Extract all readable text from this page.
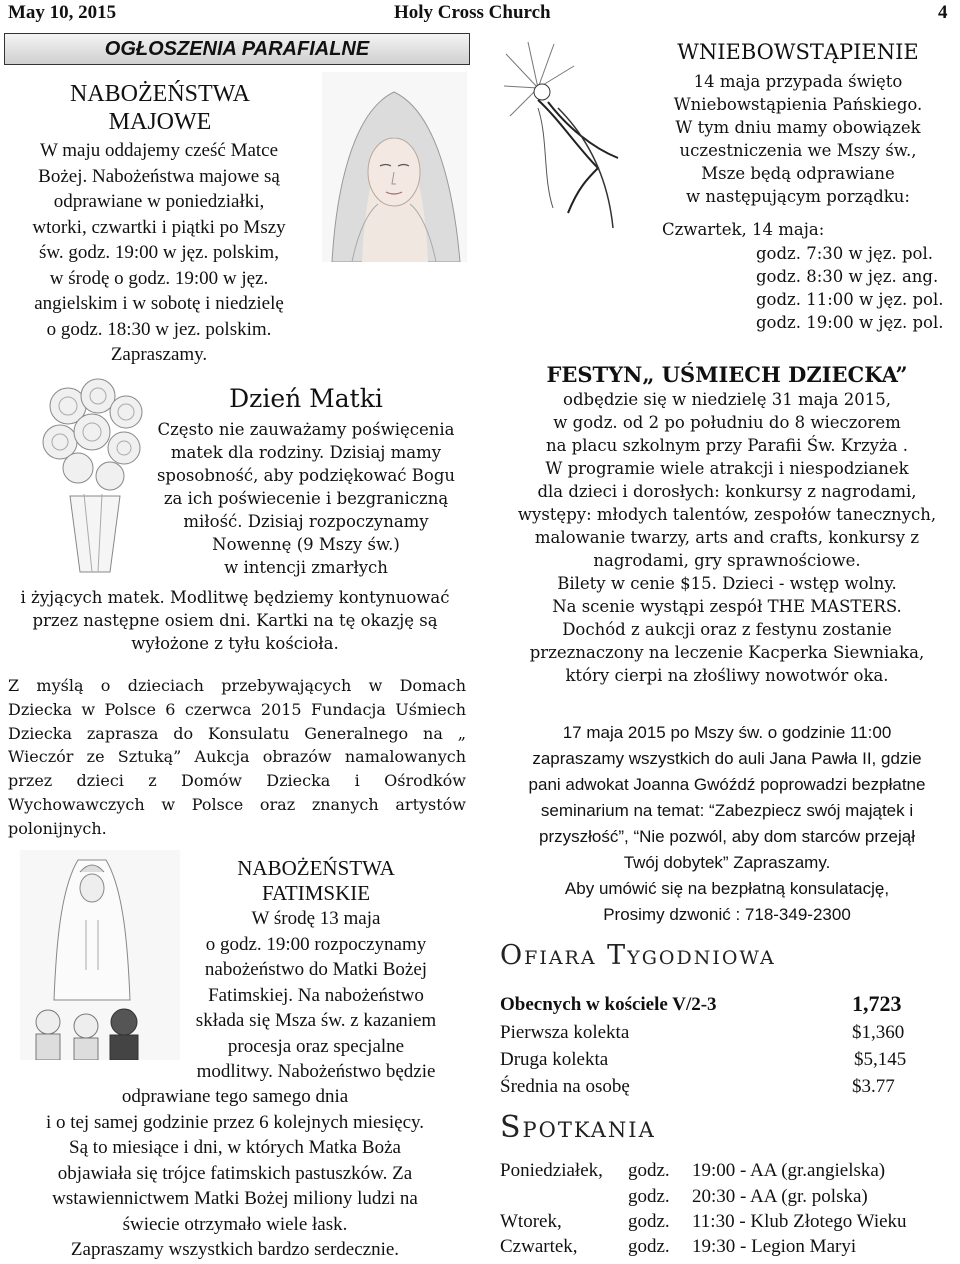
May 10, 2015	Holy Cross Church	4
OGŁOSZENIA PARAFIALNE
NABOŻEŃSTWA
MAJOWE
W maju oddajemy cześć Matce
Bożej. Nabożeństwa majowe są
odprawiane w poniedziałki,
wtorki, czwartki i piątki po Mszy
św. godz. 19:00 w jęz. polskim,
w środę o godz. 19:00 w jęz.
angielskim i w sobotę i niedzielę
o godz. 18:30 w jez. polskim.
Zapraszamy.
Dzień Matki
Często nie zauważamy poświęcenia
matek dla rodziny. Dzisiaj mamy
sposobność, aby podziękować Bogu
za ich poświecenie i bezgraniczną
miłość. Dzisiaj rozpoczynamy
Nowennę (9 Mszy św.)
w intencji zmarłych
i żyjących matek. Modlitwę będziemy kontynuować
przez następne osiem dni. Kartki na tę okazję są
wyłożone z tyłu kościoła.
Z myślą o dzieciach przebywających w Domach
Dziecka w Polsce 6 czerwca 2015 Fundacja Uśmiech
Dziecka zaprasza do Konsulatu Generalnego na „
Wieczór ze Sztuką” Aukcja obrazów namalowanych
przez dzieci z Domów Dziecka i Ośrodków
Wychowawczych w Polsce oraz znanych artystów
polonijnych.
NABOŻEŃSTWA
FATIMSKIE
W środę 13 maja
o godz. 19:00 rozpoczynamy
nabożeństwo do Matki Bożej
Fatimskiej. Na nabożeństwo
składa się Msza św. z kazaniem
procesja oraz specjalne
modlitwy. Nabożeństwo będzie
odprawiane tego samego dnia
i o tej samej godzinie przez 6 kolejnych miesięcy.
Są to miesiące i dni, w których Matka Boża
objawiała się trójce fatimskich pastuszków. Za
wstawiennictwem Matki Bożej miliony ludzi na
świecie otrzymało wiele łask.
Zapraszamy wszystkich bardzo serdecznie.
WNIEBOWSTĄPIENIE
14 maja przypada święto
Wniebowstąpienia Pańskiego.
W tym dniu mamy obowiązek
uczestniczenia we Mszy św.,
Msze będą odprawiane
w następującym porządku:
Czwartek, 14 maja:
godz. 7:30 w jęz. pol.
godz. 8:30 w jęz. ang.
godz. 11:00 w jęz. pol.
godz. 19:00 w jęz. pol.
FESTYN„ UŚMIECH DZIECKA”
odbędzie się w niedzielę 31 maja 2015,
w godz. od 2 po południu do 8 wieczorem
na placu szkolnym przy Parafii Św. Krzyża .
W programie wiele atrakcji i niespodzianek
dla dzieci i dorosłych: konkursy z nagrodami,
występy: młodych talentów, zespołów tanecznych,
malowanie twarzy, arts and crafts, konkursy z
nagrodami, gry sprawnościowe.
Bilety w cenie $15. Dzieci - wstęp wolny.
Na scenie wystąpi zespół THE MASTERS.
Dochód z aukcji oraz z festynu zostanie
przeznaczony na leczenie Kacperka Siewniaka,
który cierpi na złośliwy nowotwór oka.
17 maja 2015 po Mszy św. o godzinie 11:00
zapraszamy wszystkich do auli Jana Pawła II, gdzie
pani adwokat Joanna Gwóźdź poprowadzi bezpłatne
seminarium na temat: “Zabezpiecz swój majątek i
przyszłość”, “Nie pozwól, aby dom starców przejął
Twój dobytek” Zapraszamy.
Aby umówić się na bezpłatną konsulatację,
Prosimy dzwonić : 718-349-2300
Ofiara Tygodniowa
Obecnych w kościele V/2-3	1,723
Pierwsza kolekta	$1,360
Druga kolekta	$5,145
Średnia na osobę	$3.77
Spotkania
Poniedziałek, godz. 19:00 - AA (gr.angielska)
godz. 20:30 - AA (gr. polska)
Wtorek,	godz. 11:30 - Klub Złotego Wieku
Czwartek,	godz. 19:30 - Legion Maryi
